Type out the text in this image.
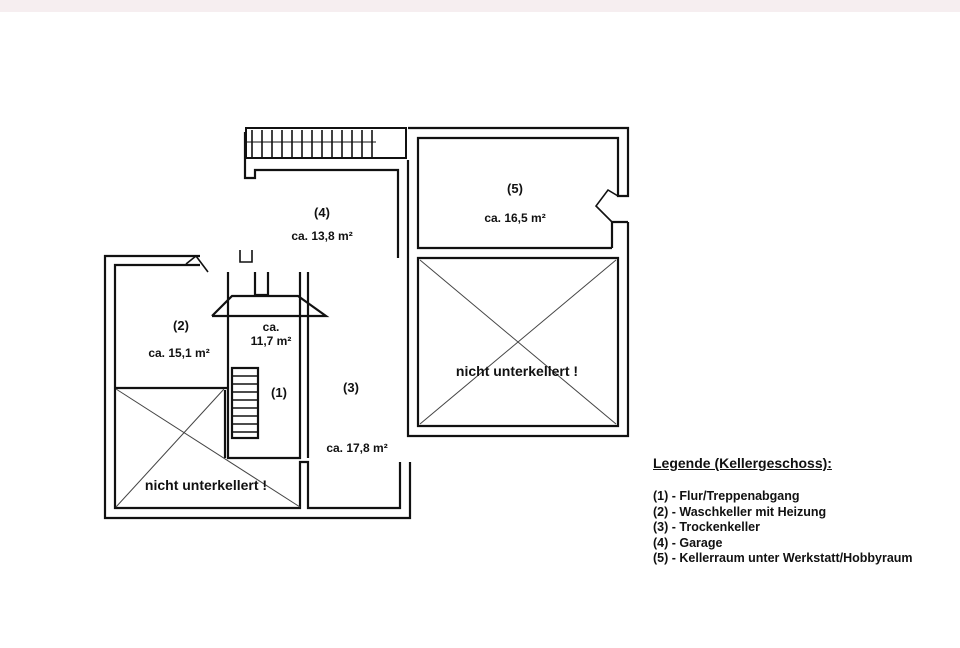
(4)
ca. 13,8 m²
(5)
ca. 16,5 m²
(2)
ca. 15,1 m²
ca.
11,7 m²
(1)	(3)
ca. 17,8 m²
nicht unterkellert !
nicht unterkellert !
Legende (Kellergeschoss):
(1) - Flur/Treppenabgang
(2) - Waschkeller mit Heizung
(3) - Trockenkeller
(4) - Garage
(5) - Kellerraum unter Werkstatt/Hobbyraum
